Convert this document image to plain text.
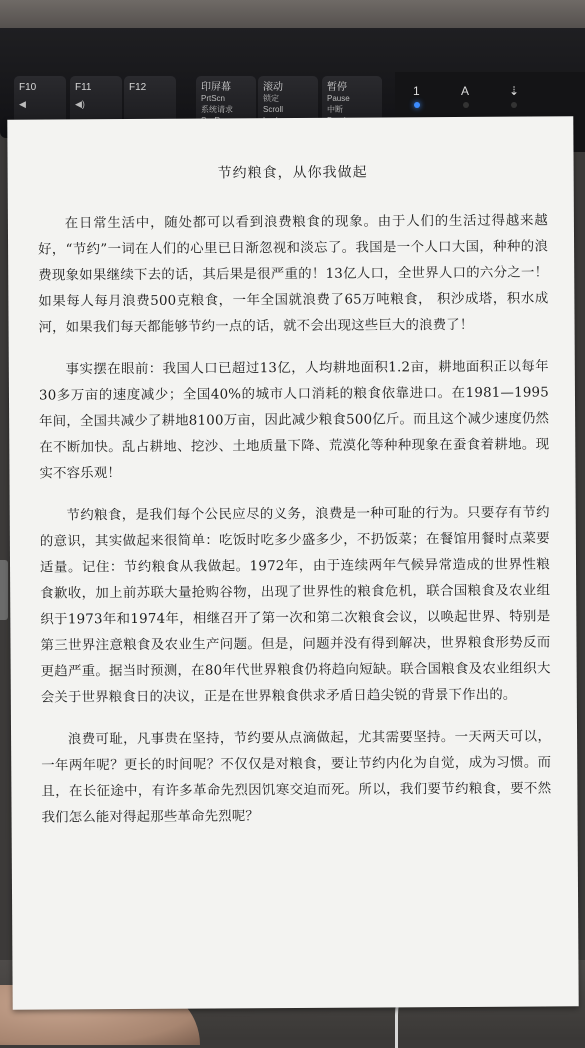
F10
◀
F11
◀)
F12	印屏幕
PrtScn
系统请求
滚动
锁定
Scroll
暂停
Pause
中断
1	A	⇣
节约粮食，从你我做起

在日常生活中，随处都可以看到浪费粮食的现象。由于人们的生活过得越来越好，“节约”一词在人们的心里已日渐忽视和淡忘了。我国是一个人口大国，种种的浪费现象如果继续下去的话，其后果是很严重的！13亿人口，全世界人口的六分之一！如果每人每月浪费500克粮食，一年全国就浪费了65万吨粮食， 积沙成塔，积水成河，如果我们每天都能够节约一点的话，就不会出现这些巨大的浪费了！

事实摆在眼前：我国人口已超过13亿，人均耕地面积1.2亩，耕地面积正以每年30多万亩的速度减少；全国40%的城市人口消耗的粮食依靠进口。在1981—1995年间，全国共减少了耕地8100万亩，因此减少粮食500亿斤。而且这个减少速度仍然在不断加快。乱占耕地、挖沙、土地质量下降、荒漠化等种种现象在蚕食着耕地。现实不容乐观！

节约粮食，是我们每个公民应尽的义务，浪费是一种可耻的行为。只要存有节约的意识，其实做起来很简单：吃饭时吃多少盛多少，不扔饭菜；在餐馆用餐时点菜要适量。记住：节约粮食从我做起。1972年，由于连续两年气候异常造成的世界性粮食歉收，加上前苏联大量抢购谷物，出现了世界性的粮食危机，联合国粮食及农业组织于1973年和1974年，相继召开了第一次和第二次粮食会议，以唤起世界、特别是第三世界注意粮食及农业生产问题。但是，问题并没有得到解决，世界粮食形势反而更趋严重。据当时预测，在80年代世界粮食仍将趋向短缺。联合国粮食及农业组织大会关于世界粮食日的决议，正是在世界粮食供求矛盾日趋尖锐的背景下作出的。

浪费可耻，凡事贵在坚持，节约要从点滴做起，尤其需要坚持。一天两天可以，一年两年呢？更长的时间呢？不仅仅是对粮食，要让节约内化为自觉，成为习惯。而且，在长征途中，有许多革命先烈因饥寒交迫而死。所以，我们要节约粮食，要不然我们怎么能对得起那些革命先烈呢？
